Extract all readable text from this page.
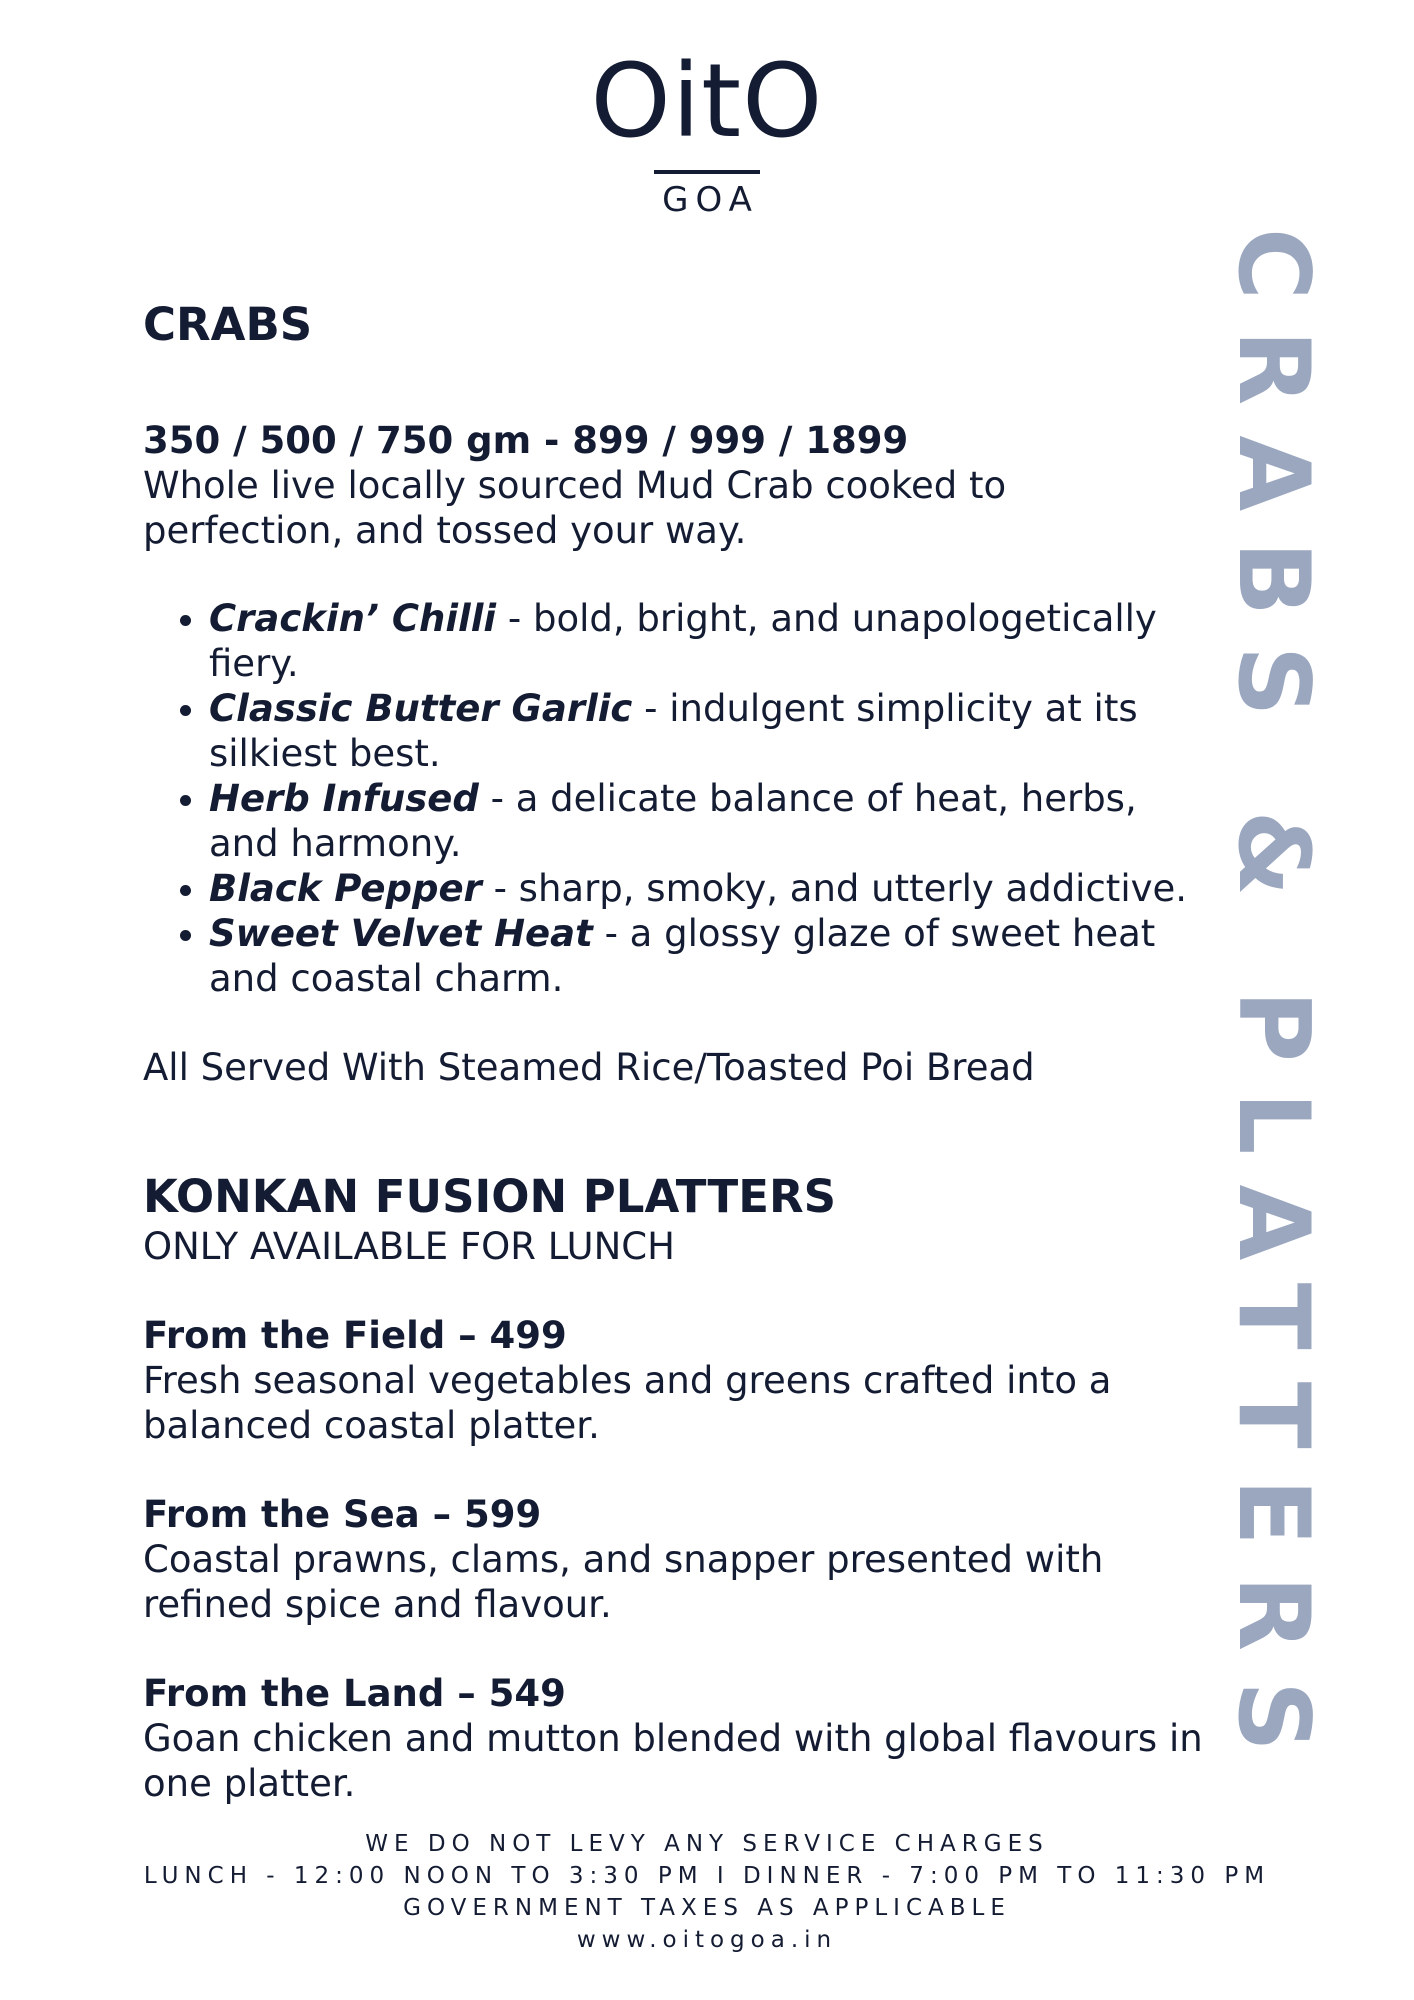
OitO
GOA
CRABS & PLATTERS
CRABS

350 / 500 / 750 gm - 899 / 999 / 1899

Whole live locally sourced Mud Crab cooked to perfection, and tossed your way.

• Crackin’ Chilli - bold, bright, and unapologetically fiery.
• Classic Butter Garlic - indulgent simplicity at its silkiest best.
• Herb Infused - a delicate balance of heat, herbs, and harmony.
• Black Pepper - sharp, smoky, and utterly addictive.
• Sweet Velvet Heat - a glossy glaze of sweet heat and coastal charm.

All Served With Steamed Rice/Toasted Poi Bread

KONKAN FUSION PLATTERS

ONLY AVAILABLE FOR LUNCH

From the Field – 499

Fresh seasonal vegetables and greens crafted into a balanced coastal platter.

From the Sea – 599

Coastal prawns, clams, and snapper presented with refined spice and flavour.

From the Land – 549

Goan chicken and mutton blended with global flavours in one platter.

WE DO NOT LEVY ANY SERVICE CHARGES
LUNCH - 12:00 NOON TO 3:30 PM I DINNER - 7:00 PM TO 11:30 PM
GOVERNMENT TAXES AS APPLICABLE
www.oitogoa.in
